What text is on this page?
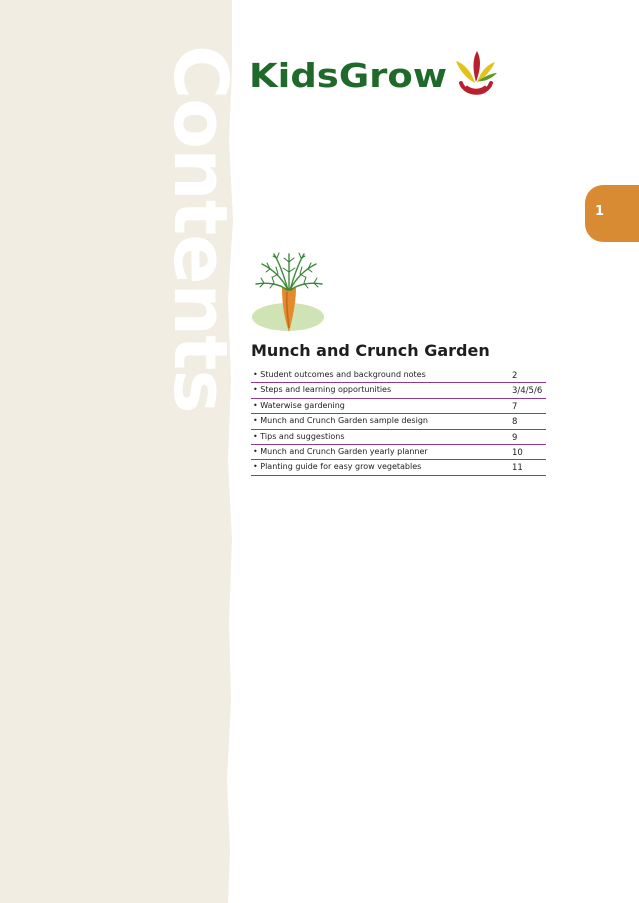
Contents KidsGrow
1
Munch and Crunch Garden
• Student outcomes and background notes	2
• Steps and learning opportunities	3/4/5/6
• Waterwise gardening	7
• Munch and Crunch Garden sample design	8
• Tips and suggestions	9
• Munch and Crunch Garden yearly planner	10
• Planting guide for easy grow vegetables	11
